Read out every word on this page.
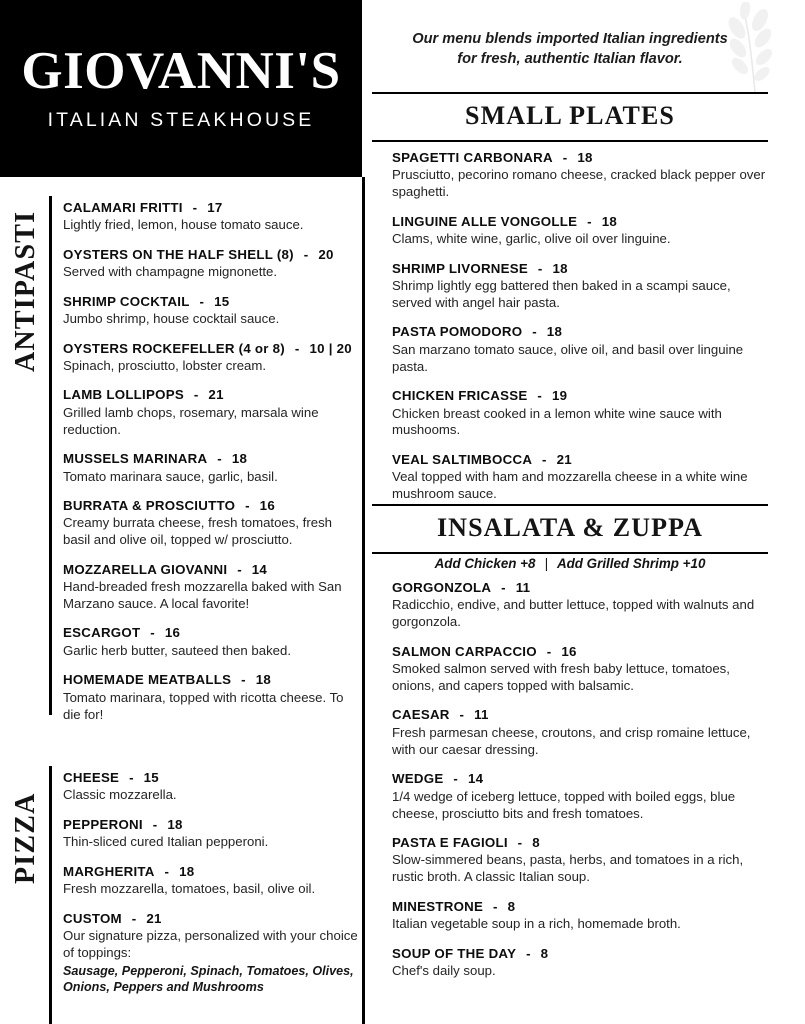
GIOVANNI'S
ITALIAN STEAKHOUSE
Our menu blends imported Italian ingredients
for fresh, authentic Italian flavor.
SMALL PLATES
INSALATA & ZUPPA
Add Chicken +8 | Add Grilled Shrimp +10
ANTIPASTI
PIZZA
CALAMARI FRITTI  -  17
Lightly fried, lemon, house tomato sauce.
OYSTERS ON THE HALF SHELL (8)  -  20
Served with champagne mignonette.
SHRIMP COCKTAIL  -  15
Jumbo shrimp, house cocktail sauce.
OYSTERS ROCKEFELLER (4 or 8)  -  10 | 20
Spinach, prosciutto, lobster cream.
LAMB LOLLIPOPS  -  21
Grilled lamb chops, rosemary, marsala wine reduction.
MUSSELS MARINARA  -  18
Tomato marinara sauce, garlic, basil.
BURRATA & PROSCIUTTO  -  16
Creamy burrata cheese, fresh tomatoes, fresh basil and olive oil, topped w/ prosciutto.
MOZZARELLA GIOVANNI  -  14
Hand-breaded fresh mozzarella baked with San Marzano sauce. A local favorite!
ESCARGOT  -  16
Garlic herb butter, sauteed then baked.
HOMEMADE MEATBALLS  -  18
Tomato marinara, topped with ricotta cheese. To die for!
CHEESE  -  15
Classic mozzarella.
PEPPERONI  -  18
Thin-sliced cured Italian pepperoni.
MARGHERITA  -  18
Fresh mozzarella, tomatoes, basil, olive oil.
CUSTOM  -  21
Our signature pizza, personalized with your choice of toppings:
Sausage, Pepperoni, Spinach, Tomatoes, Olives, Onions, Peppers and Mushrooms
SPAGETTI CARBONARA  -  18
Prusciutto, pecorino romano cheese, cracked black pepper over spaghetti.
LINGUINE ALLE VONGOLLE  -  18
Clams, white wine, garlic, olive oil over linguine.
SHRIMP LIVORNESE  -  18
Shrimp lightly egg battered then baked in a scampi sauce, served with angel hair pasta.
PASTA POMODORO  -  18
San marzano tomato sauce, olive oil, and basil over linguine pasta.
CHICKEN FRICASSE  -  19
Chicken breast cooked in a lemon white wine sauce with mushooms.
VEAL SALTIMBOCCA  -  21
Veal topped with ham and mozzarella cheese in a white wine mushroom sauce.
GORGONZOLA  -  11
Radicchio, endive, and butter lettuce, topped with walnuts and gorgonzola.
SALMON CARPACCIO  -  16
Smoked salmon served with fresh baby lettuce, tomatoes, onions, and capers topped with balsamic.
CAESAR  -  11
Fresh parmesan cheese, croutons, and crisp romaine lettuce, with our caesar dressing.
WEDGE  -  14
1/4 wedge of iceberg lettuce, topped with boiled eggs, blue cheese, prosciutto bits and fresh tomatoes.
PASTA E FAGIOLI  -  8
Slow-simmered beans, pasta, herbs, and tomatoes in a rich, rustic broth. A classic Italian soup.
MINESTRONE  -  8
Italian vegetable soup in a rich, homemade broth.
SOUP OF THE DAY  -  8
Chef's daily soup.
